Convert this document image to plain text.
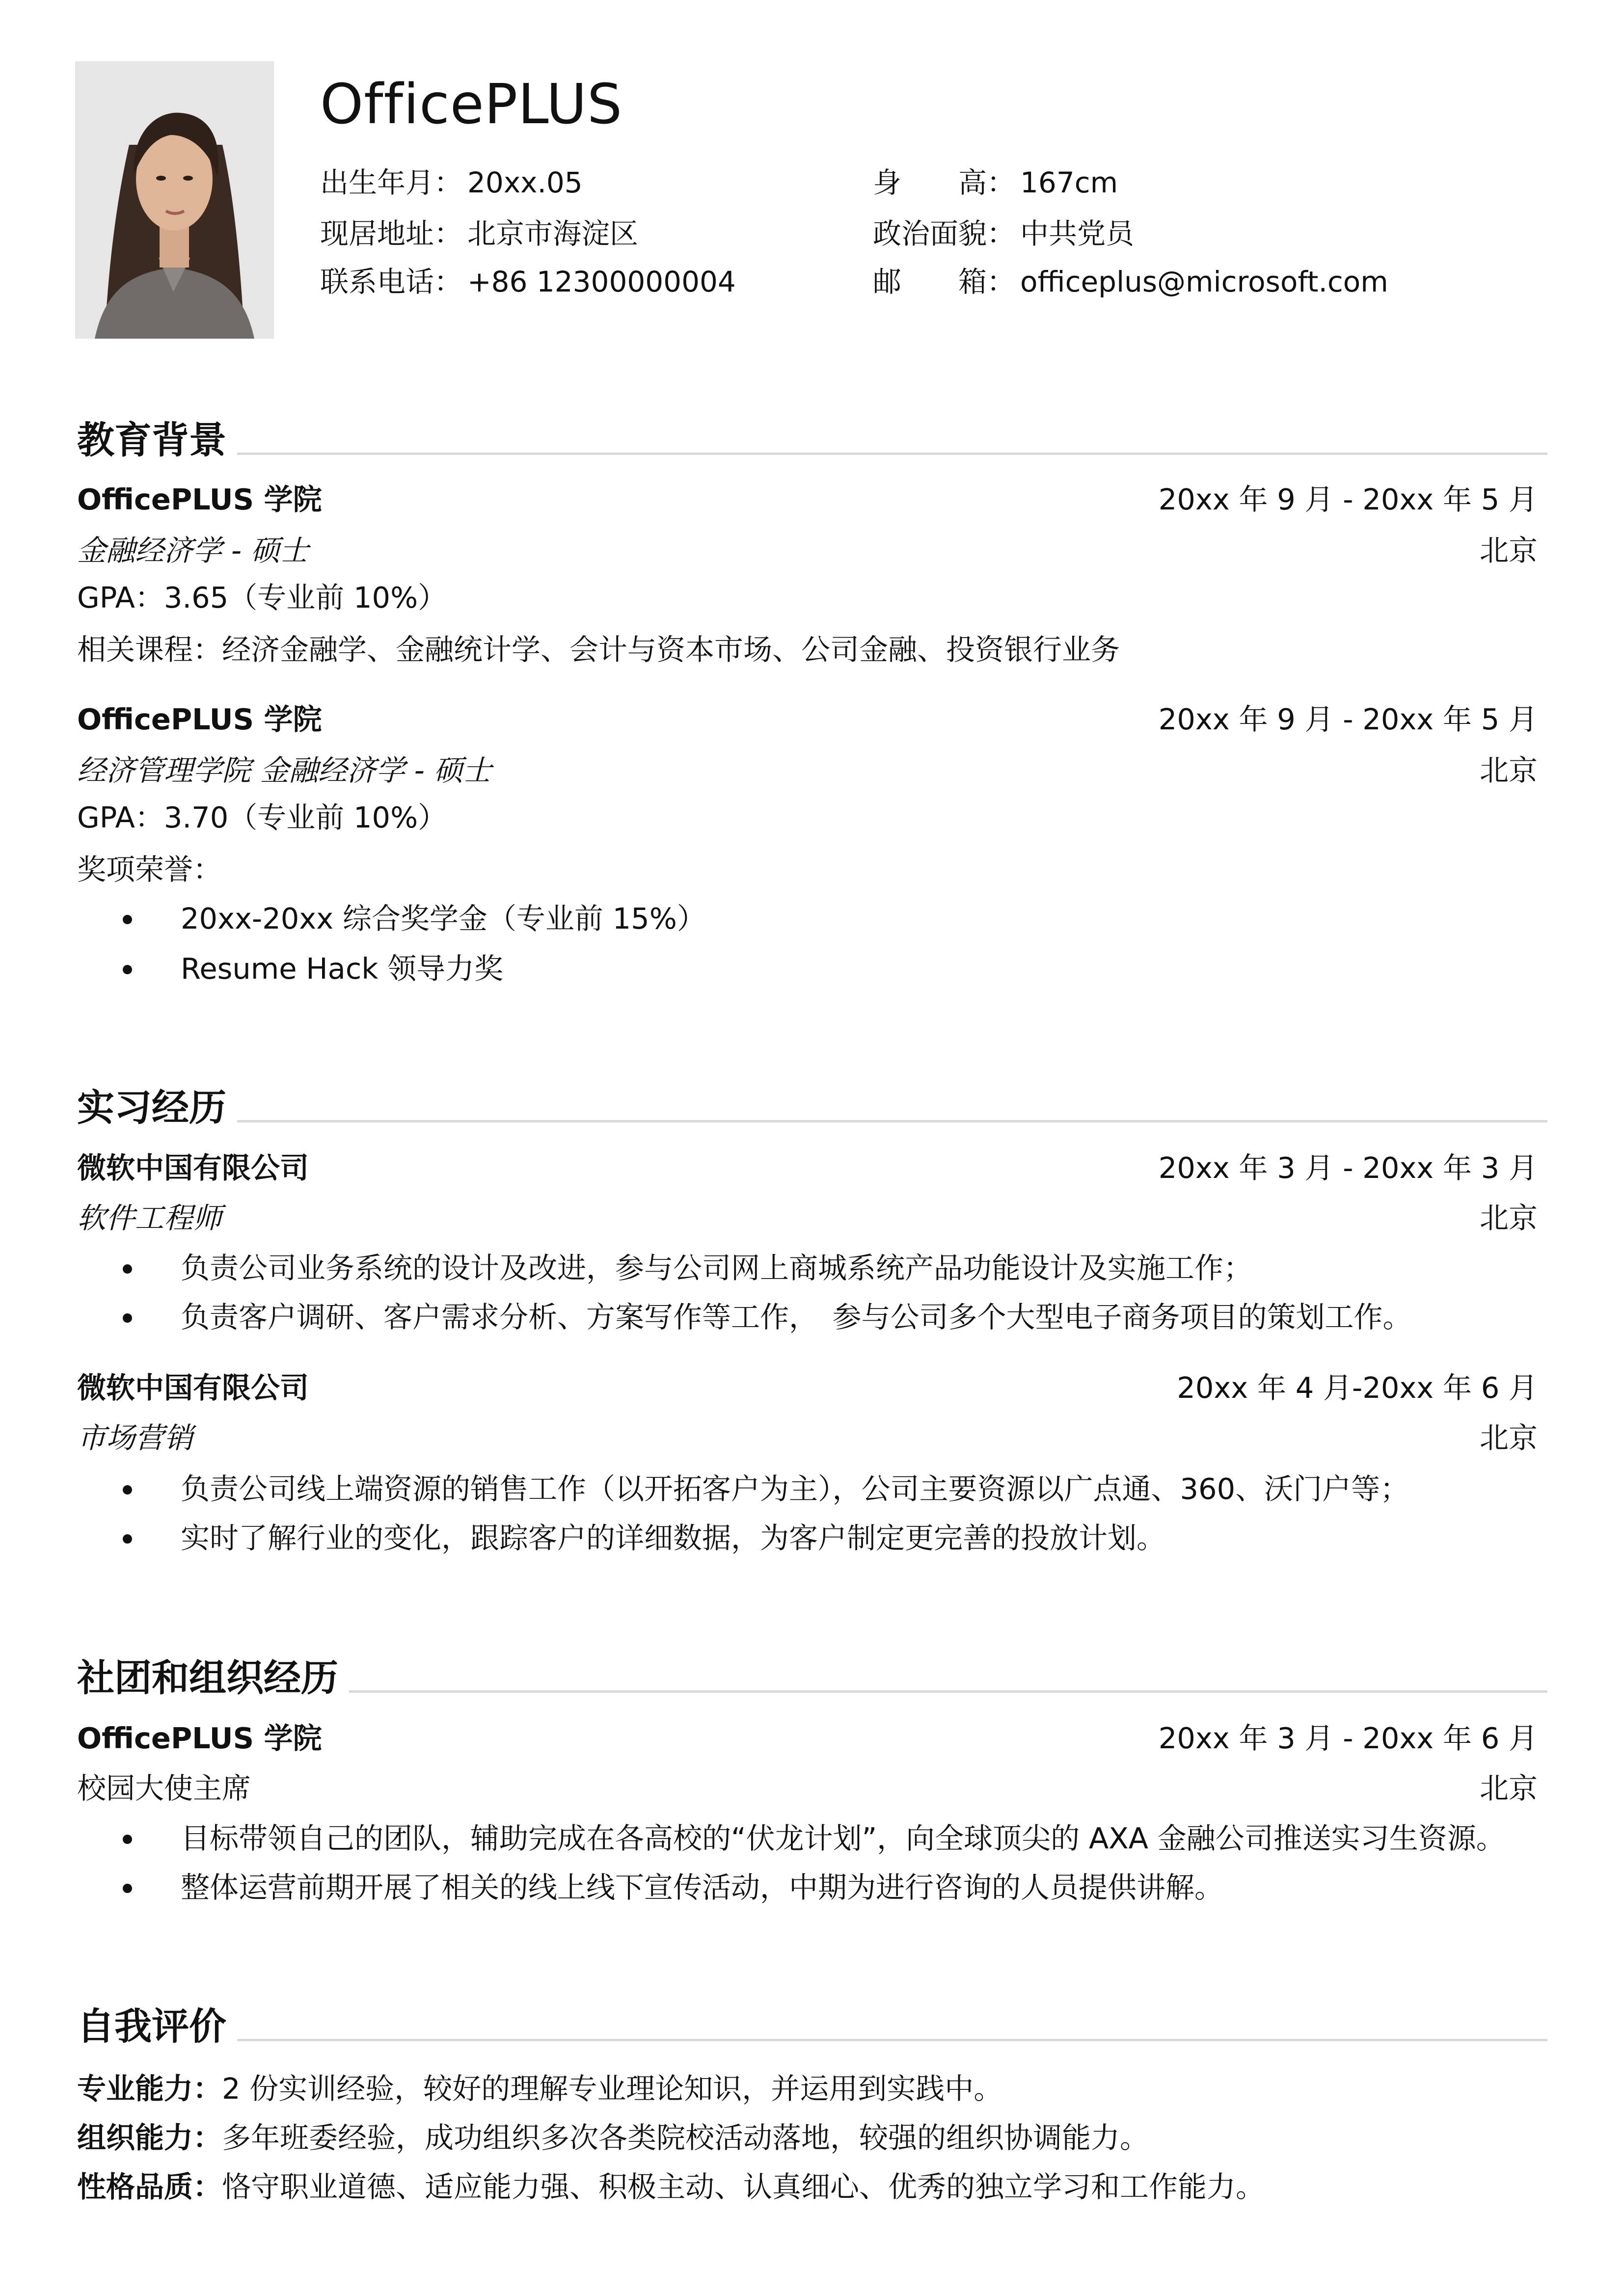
OfficePLUS
出生年月： 20xx.05	身　　高： 167cm
现居地址： 北京市海淀区	政治面貌： 中共党员
联系电话： +86 12300000004	邮　　箱： officeplus@microsoft.com
教育背景
OfficePLUS 学院	20xx 年 9 月 - 20xx 年 5 月
金融经济学 - 硕士	北京
GPA：3.65（专业前 10%）
相关课程：经济金融学、金融统计学、会计与资本市场、公司金融、投资银行业务
OfficePLUS 学院	20xx 年 9 月 - 20xx 年 5 月
经济管理学院 金融经济学 - 硕士	北京
GPA：3.70（专业前 10%）
奖项荣誉：
20xx-20xx 综合奖学金（专业前 15%）
Resume Hack 领导力奖
实习经历
微软中国有限公司	20xx 年 3 月 - 20xx 年 3 月
软件工程师	北京
负责公司业务系统的设计及改进，参与公司网上商城系统产品功能设计及实施工作；
负责客户调研、客户需求分析、方案写作等工作，　参与公司多个大型电子商务项目的策划工作。
微软中国有限公司	20xx 年 4 月-20xx 年 6 月
市场营销	北京
负责公司线上端资源的销售工作（以开拓客户为主），公司主要资源以广点通、360、沃门户等；
实时了解行业的变化，跟踪客户的详细数据，为客户制定更完善的投放计划。
社团和组织经历
OfficePLUS 学院	20xx 年 3 月 - 20xx 年 6 月
校园大使主席	北京
目标带领自己的团队，辅助完成在各高校的“伏龙计划”，向全球顶尖的 AXA 金融公司推送实习生资源。
整体运营前期开展了相关的线上线下宣传活动，中期为进行咨询的人员提供讲解。
自我评价
专业能力：2 份实训经验，较好的理解专业理论知识，并运用到实践中。
组织能力：多年班委经验，成功组织多次各类院校活动落地，较强的组织协调能力。
性格品质：恪守职业道德、适应能力强、积极主动、认真细心、优秀的独立学习和工作能力。
